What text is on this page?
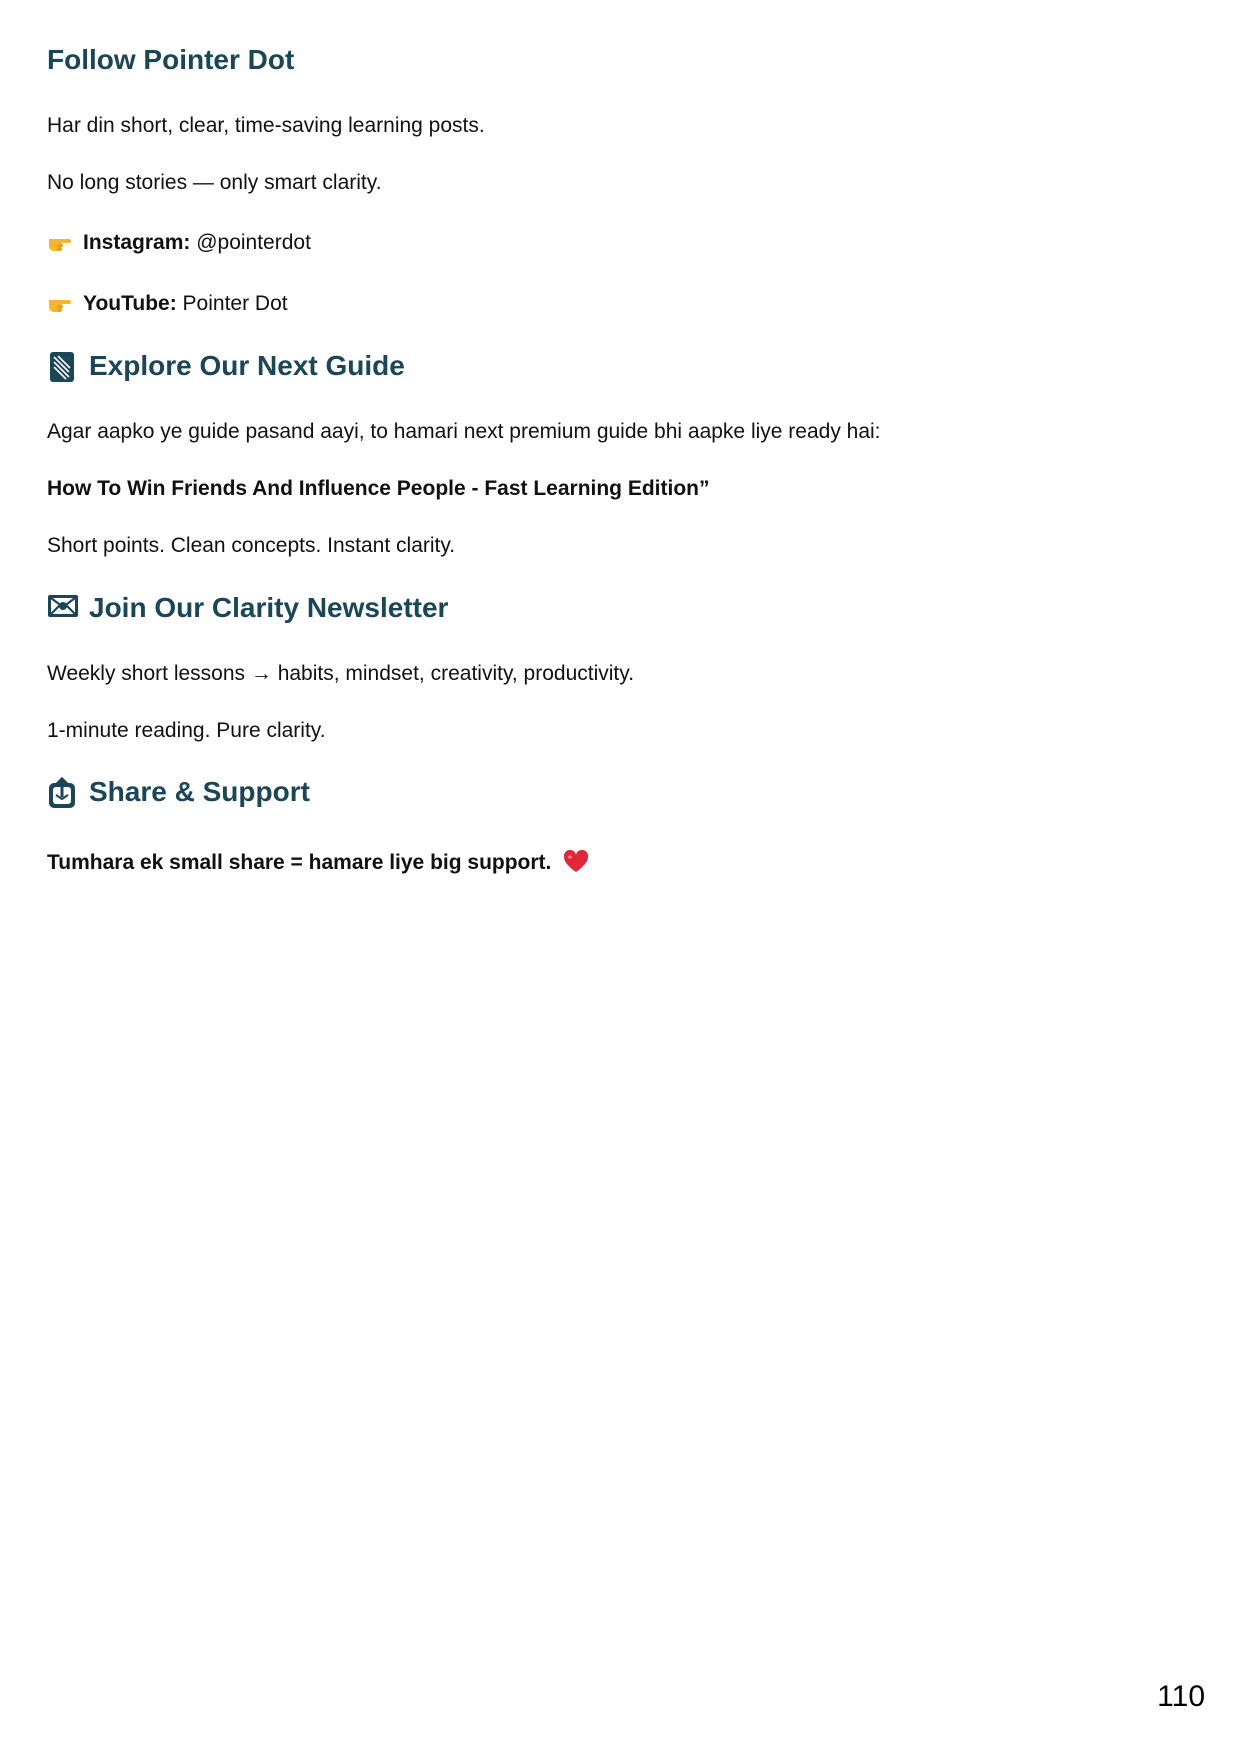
Follow Pointer Dot

Har din short, clear, time-saving learning posts.

No long stories — only smart clarity.

Instagram: @pointerdot

YouTube: Pointer Dot

Explore Our Next Guide

Agar aapko ye guide pasand aayi, to hamari next premium guide bhi aapke liye ready hai:

How To Win Friends And Influence People - Fast Learning Edition”

Short points. Clean concepts. Instant clarity.

Join Our Clarity Newsletter

Weekly short lessons → habits, mindset, creativity, productivity.

1-minute reading. Pure clarity.

Share & Support

Tumhara ek small share = hamare liye big support.

110
